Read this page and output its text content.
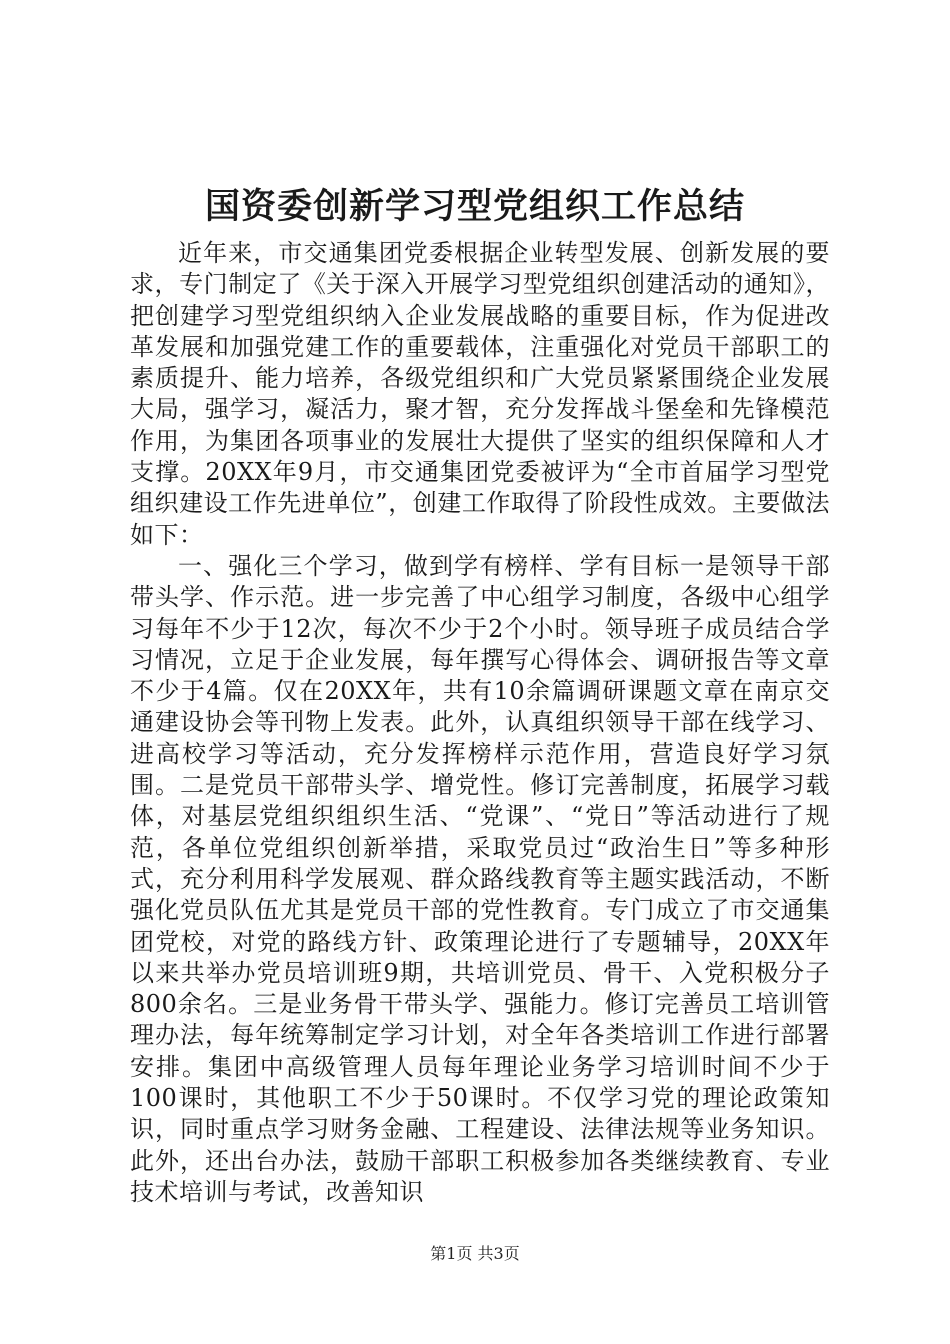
国资委创新学习型党组织工作总结

近年来，市交通集团党委根据企业转型发展、创新发展的要求，专门制定了《关于深入开展学习型党组织创建活动的通知》，把创建学习型党组织纳入企业发展战略的重要目标，作为促进改革发展和加强党建工作的重要载体，注重强化对党员干部职工的素质提升、能力培养，各级党组织和广大党员紧紧围绕企业发展大局，强学习，凝活力，聚才智，充分发挥战斗堡垒和先锋模范作用，为集团各项事业的发展壮大提供了坚实的组织保障和人才支撑。20XX年9月，市交通集团党委被评为“全市首届学习型党组织建设工作先进单位”，创建工作取得了阶段性成效。主要做法如下：

一、强化三个学习，做到学有榜样、学有目标一是领导干部带头学、作示范。进一步完善了中心组学习制度，各级中心组学习每年不少于12次，每次不少于2个小时。领导班子成员结合学习情况，立足于企业发展，每年撰写心得体会、调研报告等文章不少于4篇。仅在20XX年，共有10余篇调研课题文章在南京交通建设协会等刊物上发表。此外，认真组织领导干部在线学习、进高校学习等活动，充分发挥榜样示范作用，营造良好学习氛围。二是党员干部带头学、增党性。修订完善制度，拓展学习载体，对基层党组织组织生活、“党课”、“党日”等活动进行了规范，各单位党组织创新举措，采取党员过“政治生日”等多种形式，充分利用科学发展观、群众路线教育等主题实践活动，不断强化党员队伍尤其是党员干部的党性教育。专门成立了市交通集团党校，对党的路线方针、政策理论进行了专题辅导，20XX年以来共举办党员培训班9期，共培训党员、骨干、入党积极分子800余名。三是业务骨干带头学、强能力。修订完善员工培训管理办法，每年统筹制定学习计划，对全年各类培训工作进行部署安排。集团中高级管理人员每年理论业务学习培训时间不少于100课时，其他职工不少于50课时。不仅学习党的理论政策知识，同时重点学习财务金融、工程建设、法律法规等业务知识。此外，还出台办法，鼓励干部职工积极参加各类继续教育、专业技术培训与考试，改善知识

第1页 共3页
